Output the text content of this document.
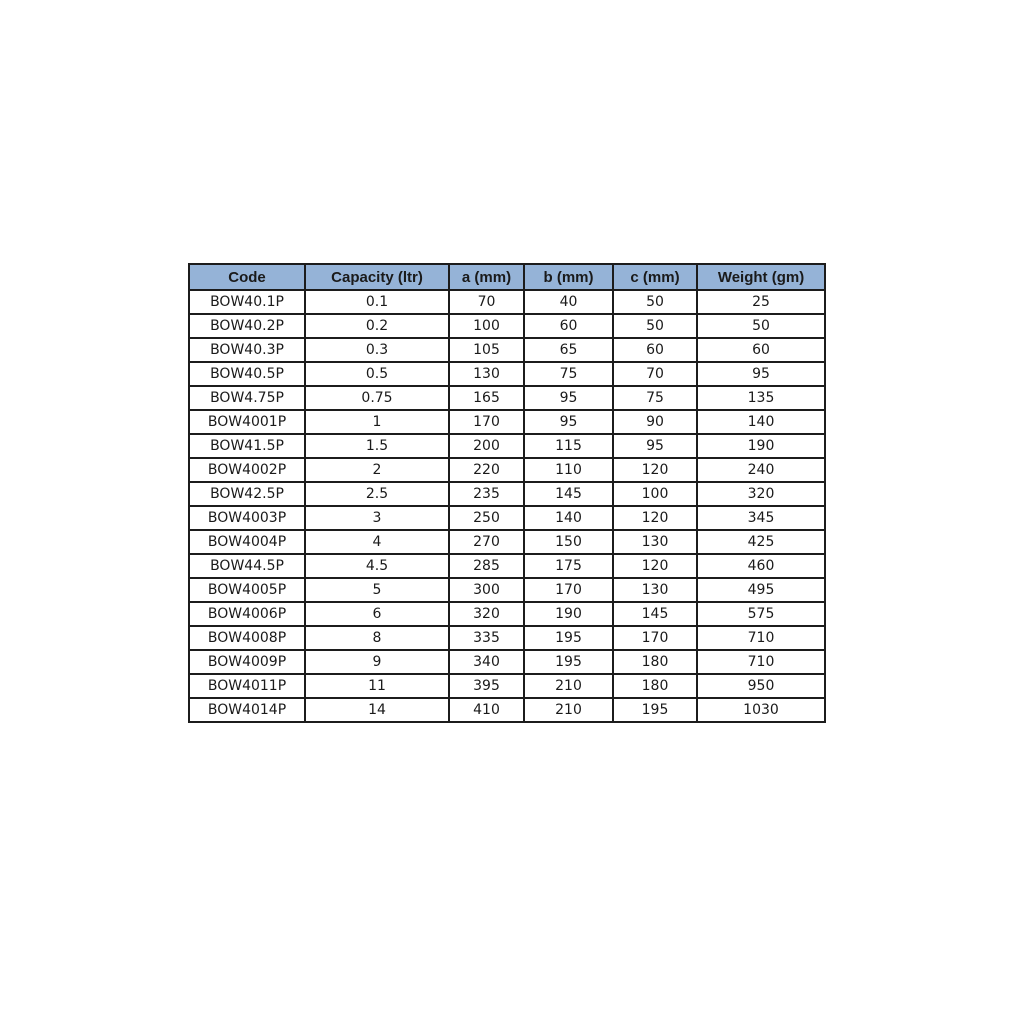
Code	Capacity (ltr)	a (mm)	b (mm)	c (mm)	Weight (gm)
BOW40.1P	0.1	70	40	50	25
BOW40.2P	0.2	100	60	50	50
BOW40.3P	0.3	105	65	60	60
BOW40.5P	0.5	130	75	70	95
BOW4.75P	0.75	165	95	75	135
BOW4001P	1	170	95	90	140
BOW41.5P	1.5	200	115	95	190
BOW4002P	2	220	110	120	240
BOW42.5P	2.5	235	145	100	320
BOW4003P	3	250	140	120	345
BOW4004P	4	270	150	130	425
BOW44.5P	4.5	285	175	120	460
BOW4005P	5	300	170	130	495
BOW4006P	6	320	190	145	575
BOW4008P	8	335	195	170	710
BOW4009P	9	340	195	180	710
BOW4011P	11	395	210	180	950
BOW4014P	14	410	210	195	1030
